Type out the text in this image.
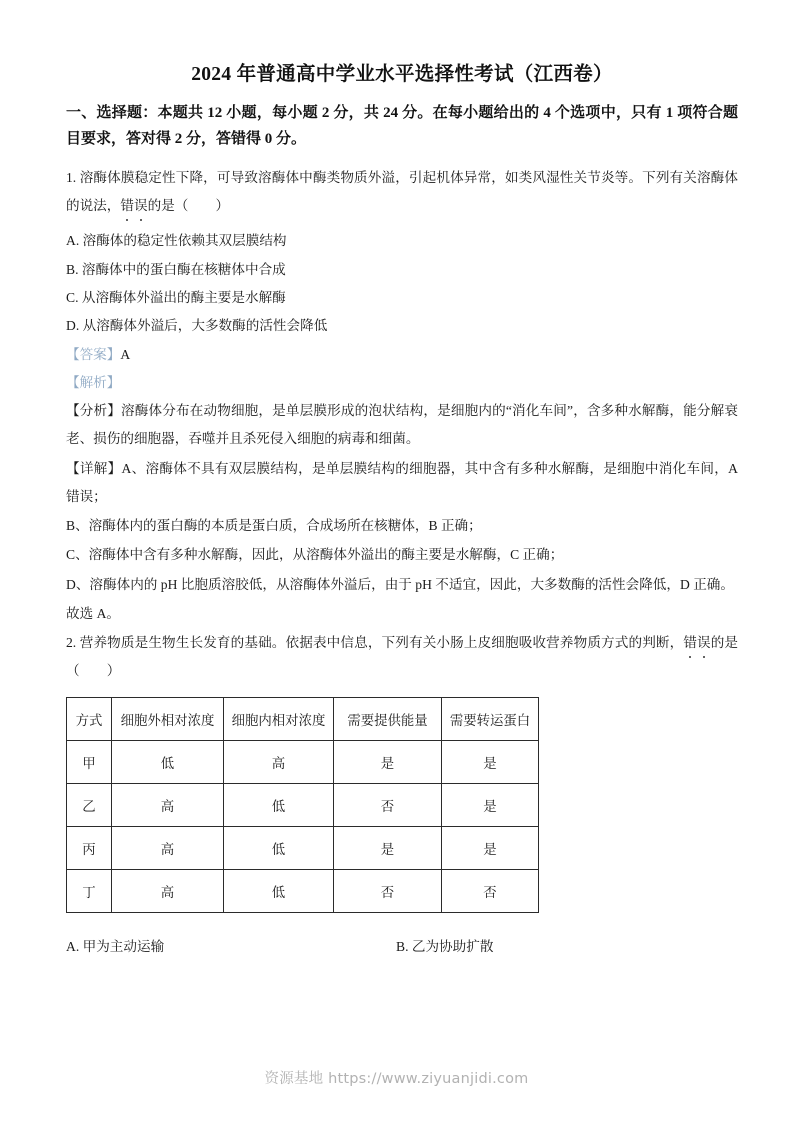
2024 年普通高中学业水平选择性考试（江西卷）

一、选择题：本题共 12 小题，每小题 2 分，共 24 分。在每小题给出的 4 个选项中，只有 1 项符合题目要求，答对得 2 分，答错得 0 分。

1. 溶酶体膜稳定性下降，可导致溶酶体中酶类物质外溢，引起机体异常，如类风湿性关节炎等。下列有关溶酶体的说法，错误的是（　　）

A. 溶酶体的稳定性依赖其双层膜结构

B. 溶酶体中的蛋白酶在核糖体中合成

C. 从溶酶体外溢出的酶主要是水解酶

D. 从溶酶体外溢后，大多数酶的活性会降低

【答案】A

【解析】

【分析】溶酶体分布在动物细胞，是单层膜形成的泡状结构，是细胞内的“消化车间”，含多种水解酶，能分解衰老、损伤的细胞器，吞噬并且杀死侵入细胞的病毒和细菌。

【详解】A、溶酶体不具有双层膜结构，是单层膜结构的细胞器，其中含有多种水解酶，是细胞中消化车间，A 错误；

B、溶酶体内的蛋白酶的本质是蛋白质，合成场所在核糖体，B 正确；

C、溶酶体中含有多种水解酶，因此，从溶酶体外溢出的酶主要是水解酶，C 正确；

D、溶酶体内的 pH 比胞质溶胶低，从溶酶体外溢后，由于 pH 不适宜，因此，大多数酶的活性会降低，D 正确。

故选 A。

2. 营养物质是生物生长发育的基础。依据表中信息，下列有关小肠上皮细胞吸收营养物质方式的判断，错误的是（　　）

方式	细胞外相对浓度	细胞内相对浓度	需要提供能量	需要转运蛋白
甲	低	高	是	是
乙	高	低	否	是
丙	高	低	是	是
丁	高	低	否	否
A. 甲为主动运输	B. 乙为协助扩散
资源基地 https://www.ziyuanjidi.com
